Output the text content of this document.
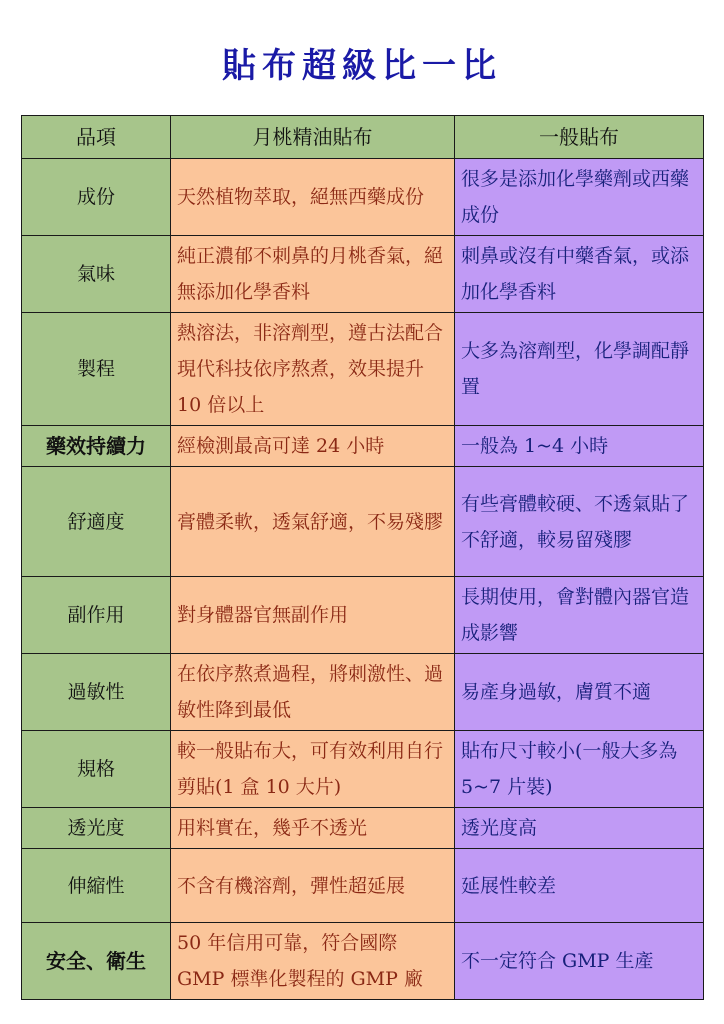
貼布超級比一比
品項	月桃精油貼布	一般貼布
成份	天然植物萃取，絕無西藥成份	很多是添加化學藥劑或西藥成份
氣味	純正濃郁不刺鼻的月桃香氣，絕無添加化學香料	刺鼻或沒有中藥香氣，或添加化學香料
製程	熱溶法，非溶劑型，遵古法配合現代科技依序熬煮，效果提升 10 倍以上	大多為溶劑型，化學調配靜置
藥效持續力	經檢測最高可達 24 小時	一般為 1~4 小時
舒適度	膏體柔軟，透氣舒適，不易殘膠	有些膏體較硬、不透氣貼了不舒適，較易留殘膠
副作用	對身體器官無副作用	長期使用，會對體內器官造成影響
過敏性	在依序熬煮過程，將刺激性、過敏性降到最低	易產身過敏，膚質不適
規格	較一般貼布大，可有效利用自行剪貼(1 盒 10 大片)	貼布尺寸較小(一般大多為 5~7 片裝)
透光度	用料實在，幾乎不透光	透光度高
伸縮性	不含有機溶劑，彈性超延展	延展性較差
安全、衛生	50 年信用可靠，符合國際 GMP 標準化製程的 GMP 廠	不一定符合 GMP 生產
